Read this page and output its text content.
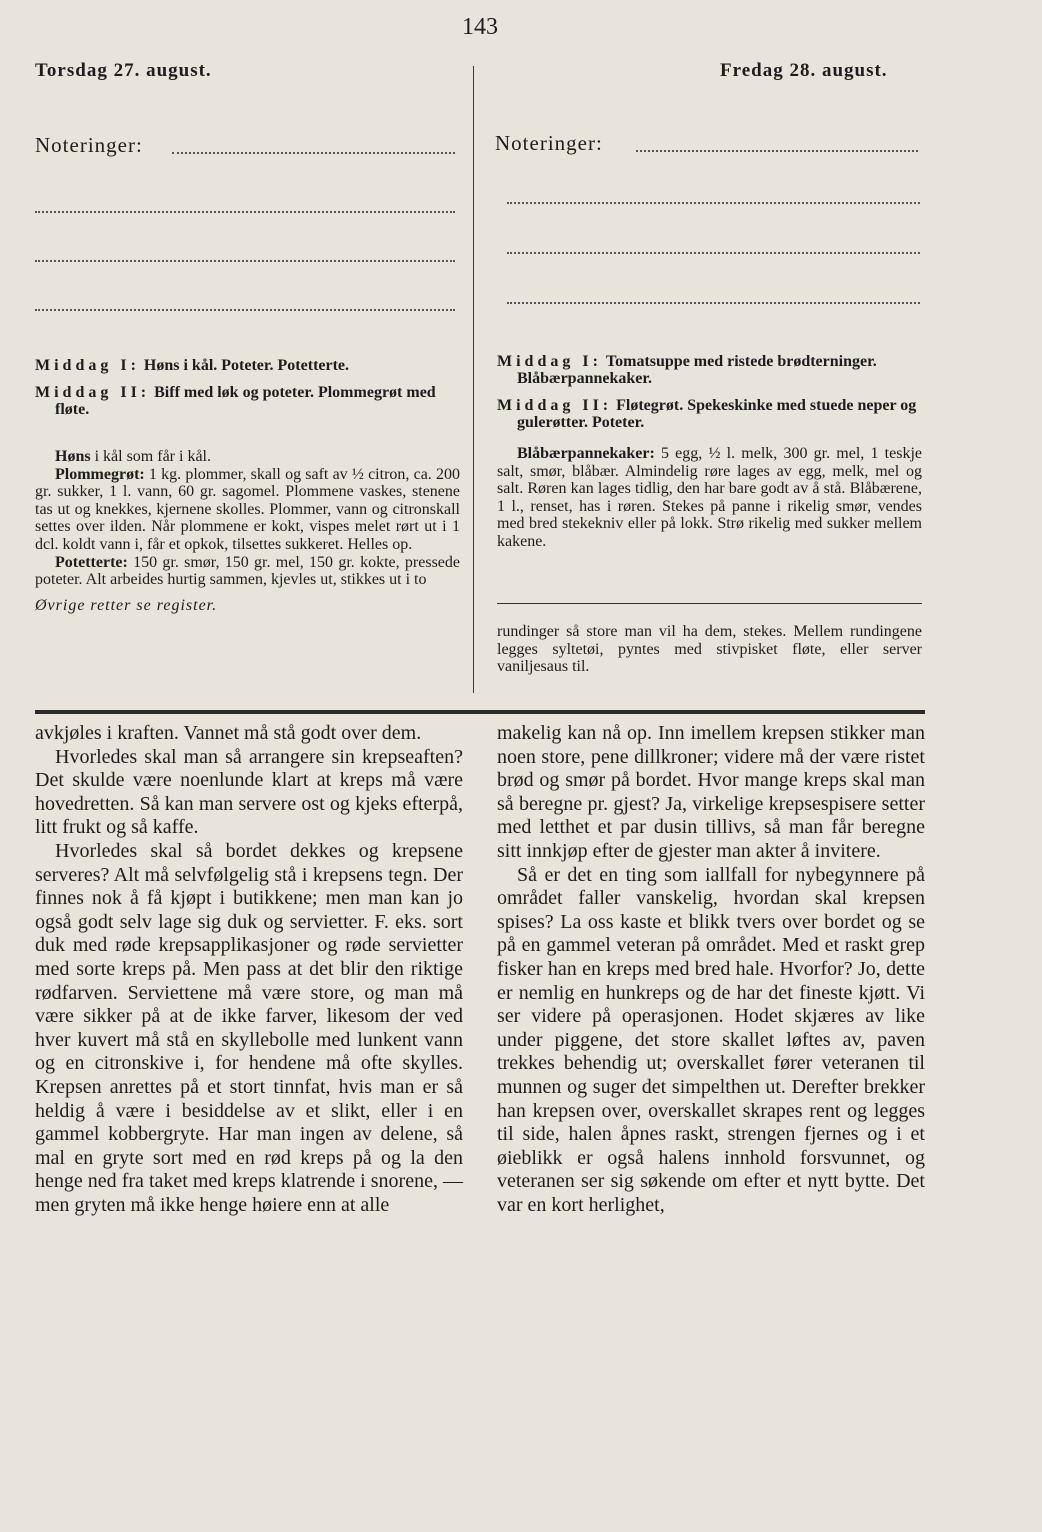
143
Torsdag 27. august.	Fredag 28. august.
Noteringer:	Noteringer:

Middag I: Høns i kål. Poteter. Potetterte.

Middag II: Biff med løk og poteter. Plommegrøt med fløte.

Høns i kål som får i kål.

Plommegrøt: 1 kg. plommer, skall og saft av ½ citron, ca. 200 gr. sukker, 1 l. vann, 60 gr. sagomel. Plommene vaskes, stenene tas ut og knekkes, kjernene skolles. Plommer, vann og citronskall settes over ilden. Når plommene er kokt, vispes melet rørt ut i 1 dcl. koldt vann i, får et opkok, tilsettes sukkeret. Helles op.

Potetterte: 150 gr. smør, 150 gr. mel, 150 gr. kokte, pressede poteter. Alt arbeides hurtig sammen, kjevles ut, stikkes ut i to

Øvrige retter se register.

Middag I: Tomatsuppe med ristede brødterninger. Blåbærpannekaker.

Middag II: Fløtegrøt. Spekeskinke med stuede neper og gulerøtter. Poteter.

Blåbærpannekaker: 5 egg, ½ l. melk, 300 gr. mel, 1 teskje salt, smør, blåbær. Almindelig røre lages av egg, melk, mel og salt. Røren kan lages tidlig, den har bare godt av å stå. Blåbærene, 1 l., renset, has i røren. Stekes på panne i rikelig smør, vendes med bred stekekniv eller på lokk. Strø rikelig med sukker mellem kakene.

rundinger så store man vil ha dem, stekes. Mellem rundingene legges syltetøi, pyntes med stivpisket fløte, eller server vaniljesaus til.

avkjøles i kraften. Vannet må stå godt over dem.

Hvorledes skal man så arrangere sin krepseaften? Det skulde være noenlunde klart at kreps må være hovedretten. Så kan man servere ost og kjeks efterpå, litt frukt og så kaffe.

Hvorledes skal så bordet dekkes og krepsene serveres? Alt må selvfølgelig stå i krepsens tegn. Der finnes nok å få kjøpt i butikkene; men man kan jo også godt selv lage sig duk og servietter. F. eks. sort duk med røde krepsapplikasjoner og røde servietter med sorte kreps på. Men pass at det blir den riktige rødfarven. Serviettene må være store, og man må være sikker på at de ikke farver, likesom der ved hver kuvert må stå en skyllebolle med lunkent vann og en citronskive i, for hendene må ofte skylles. Krepsen anrettes på et stort tinnfat, hvis man er så heldig å være i besiddelse av et slikt, eller i en gammel kobbergryte. Har man ingen av delene, så mal en gryte sort med en rød kreps på og la den henge ned fra taket med kreps klatrende i snorene, — men gryten må ikke henge høiere enn at alle

makelig kan nå op. Inn imellem krepsen stikker man noen store, pene dillkroner; videre må der være ristet brød og smør på bordet. Hvor mange kreps skal man så beregne pr. gjest? Ja, virkelige krepsespisere setter med letthet et par dusin tillivs, så man får beregne sitt innkjøp efter de gjester man akter å invitere.

Så er det en ting som iallfall for nybegynnere på området faller vanskelig, hvordan skal krepsen spises? La oss kaste et blikk tvers over bordet og se på en gammel veteran på området. Med et raskt grep fisker han en kreps med bred hale. Hvorfor? Jo, dette er nemlig en hunkreps og de har det fineste kjøtt. Vi ser videre på operasjonen. Hodet skjæres av like under piggene, det store skallet løftes av, paven trekkes behendig ut; overskallet fører veteranen til munnen og suger det simpelthen ut. Derefter brekker han krepsen over, overskallet skrapes rent og legges til side, halen åpnes raskt, strengen fjernes og i et øieblikk er også halens innhold forsvunnet, og veteranen ser sig søkende om efter et nytt bytte. Det var en kort herlighet,
